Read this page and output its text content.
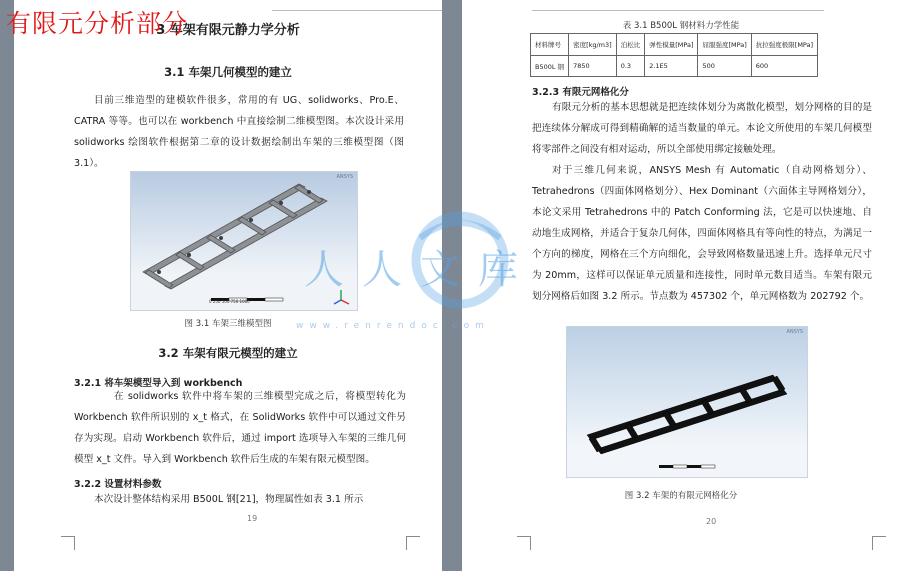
3 车架有限元静力学分析
3.1 车架几何模型的建立
目前三维造型的建模软件很多，常用的有 UG、solidworks、Pro.E、CATRA 等等。也可以在 workbench 中直接绘制二维模型图。本次设计采用 solidworks 绘图软件根据第二章的设计数据绘制出车架的三维模型图（图 3.1）。
ANSYS
0 250 500 750 1000
图 3.1 车架三维模型图
3.2 车架有限元模型的建立
3.2.1 将车架模型导入到 workbench
在 solidworks 软件中将车架的三维模型完成之后，将模型转化为 Workbench 软件所识别的 x_t 格式，在 SolidWorks 软件中可以通过文件另存为实现。启动 Workbench 软件后，通过 import 选项导入车架的三维几何模型 x_t 文件。导入到 Workbench 软件后生成的车架有限元模型图。
3.2.2 设置材料参数
本次设计整体结构采用 B500L 钢[21]，物理属性如表 3.1 所示
19
表 3.1 B500L 钢材料力学性能
材料牌号	密度[kg/m3]	泊松比	弹性模量[MPa]	屈服强度[MPa]	抗拉强度极限[MPa]
B500L 钢	7850	0.3	2.1E5	500	600
3.2.3 有限元网格化分
有限元分析的基本思想就是把连续体划分为离散化模型，划分网格的目的是把连续体分解成可得到精确解的适当数量的单元。本论文所使用的车架几何模型将零部件之间没有相对运动，所以全部使用绑定接触处理。
对于三维几何来说，ANSYS Mesh 有 Automatic（自动网格划分）、Tetrahedrons（四面体网格划分）、Hex Dominant（六面体主导网格划分），本论文采用 Tetrahedrons 中的 Patch Conforming 法，它是可以快速地、自动地生成网格，并适合于复杂几何体，四面体网格具有等向性的特点，为满足一个方向的梯度，网格在三个方向细化，会导致网格数量迅速上升。选择单元尺寸为 20mm，这样可以保证单元质量和连接性，同时单元数目适当。车架有限元划分网格后如图 3.2 所示。节点数为 457302 个，单元网格数为 202792 个。
ANSYS
图 3.2 车架的有限元网格化分
20
有限元分析部分
人人文库
www.renrendoc.com
